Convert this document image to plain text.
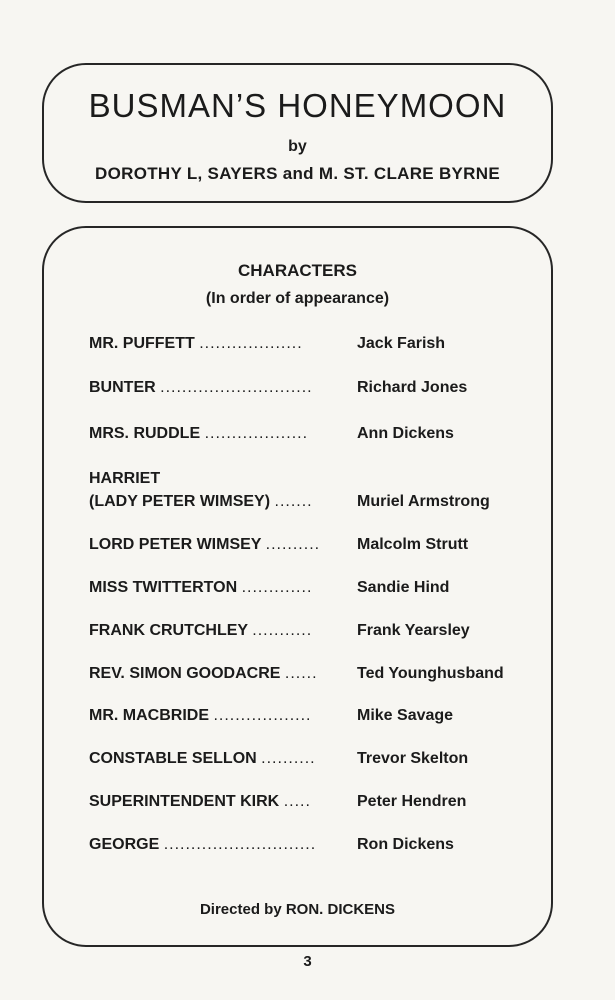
BUSMAN’S HONEYMOON
by
DOROTHY L, SAYERS and M. ST. CLARE BYRNE
CHARACTERS
(In order of appearance)
MR. PUFFETT ...................	Jack Farish
BUNTER ............................	Richard Jones
MRS. RUDDLE ...................	Ann Dickens
HARRIET
(LADY PETER WIMSEY) .......	Muriel Armstrong
LORD PETER WIMSEY .......... Malcolm Strutt
MISS TWITTERTON .............	Sandie Hind
FRANK CRUTCHLEY ...........	Frank Yearsley
REV. SIMON GOODACRE ...... Ted Younghusband
MR. MACBRIDE ..................	Mike Savage
CONSTABLE SELLON ..........	Trevor Skelton
SUPERINTENDENT KIRK .....	Peter Hendren
GEORGE ............................	Ron Dickens
Directed by RON. DICKENS
3
